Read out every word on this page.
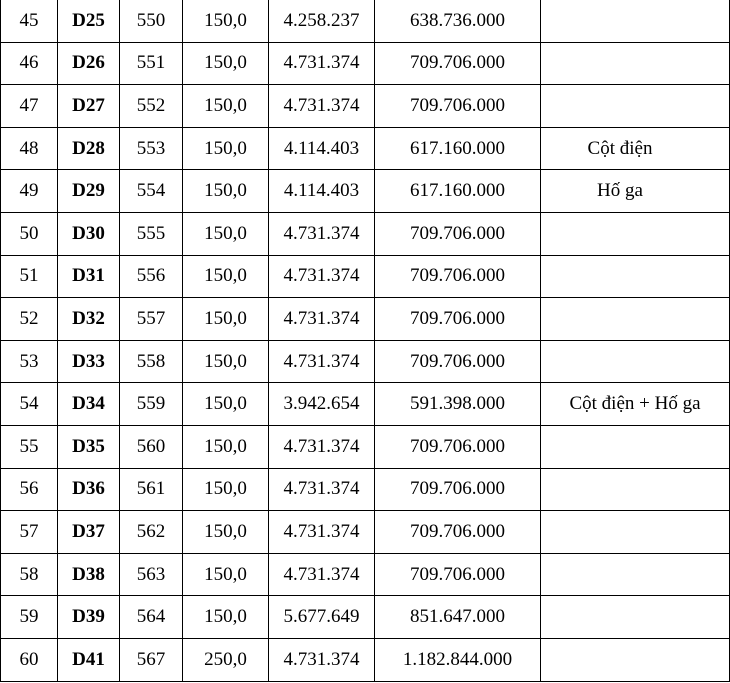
45	D25	550	150,0	4.258.237	638.736.000	
46	D26	551	150,0	4.731.374	709.706.000	
47	D27	552	150,0	4.731.374	709.706.000	
48	D28	553	150,0	4.114.403	617.160.000	Cột điện
49	D29	554	150,0	4.114.403	617.160.000	Hố ga
50	D30	555	150,0	4.731.374	709.706.000	
51	D31	556	150,0	4.731.374	709.706.000	
52	D32	557	150,0	4.731.374	709.706.000	
53	D33	558	150,0	4.731.374	709.706.000	
54	D34	559	150,0	3.942.654	591.398.000	Cột điện + Hố ga
55	D35	560	150,0	4.731.374	709.706.000	
56	D36	561	150,0	4.731.374	709.706.000	
57	D37	562	150,0	4.731.374	709.706.000	
58	D38	563	150,0	4.731.374	709.706.000	
59	D39	564	150,0	5.677.649	851.647.000	
60	D41	567	250,0	4.731.374	1.182.844.000	
